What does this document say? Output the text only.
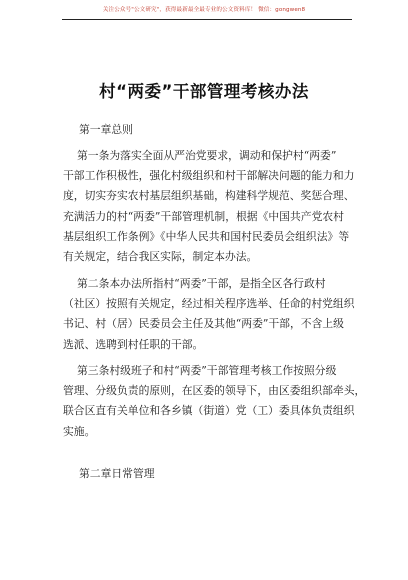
关注公众号"公文研究"，获得最新最全最专业的公文资料库！ 微信：gongwen8
村“两委”干部管理考核办法
第一章总则
第一条为落实全面从严治党要求，调动和保护村“两委”
干部工作积极性，强化村级组织和村干部解决问题的能力和力
度，切实夯实农村基层组织基础，构建科学规范、奖惩合理、
充满活力的村“两委”干部管理机制，根据《中国共产党农村
基层组织工作条例》《中华人民共和国村民委员会组织法》等
有关规定，结合我区实际，制定本办法。
第二条本办法所指村“两委”干部，是指全区各行政村
（社区）按照有关规定，经过相关程序选举、任命的村党组织
书记、村（居）民委员会主任及其他“两委”干部，不含上级
选派、选聘到村任职的干部。
第三条村级班子和村“两委”干部管理考核工作按照分级
管理、分级负责的原则，在区委的领导下，由区委组织部牵头，
联合区直有关单位和各乡镇（街道）党（工）委具体负责组织
实施。
第二章日常管理
